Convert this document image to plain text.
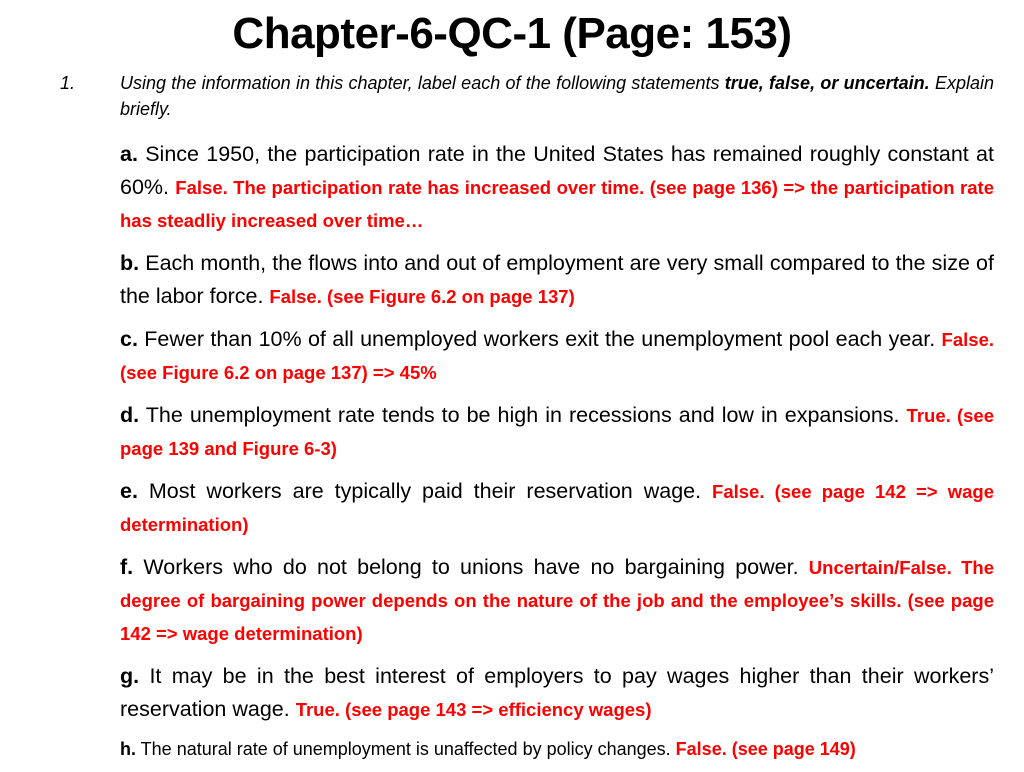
Chapter-6-QC-1 (Page: 153)
1.	Using the information in this chapter, label each of the following statements true, false, or uncertain. Explain briefly.
a. Since 1950, the participation rate in the United States has remained roughly constant at 60%. False. The participation rate has increased over time. (see page 136) => the participation rate has steadliy increased over time…
b. Each month, the flows into and out of employment are very small compared to the size of the labor force. False. (see Figure 6.2 on page 137)
c. Fewer than 10% of all unemployed workers exit the unemployment pool each year. False. (see Figure 6.2 on page 137) => 45%
d. The unemployment rate tends to be high in recessions and low in expansions. True. (see page 139 and Figure 6-3)
e. Most workers are typically paid their reservation wage. False. (see page 142 => wage determination)
f. Workers who do not belong to unions have no bargaining power. Uncertain/False. The degree of bargaining power depends on the nature of the job and the employee’s skills. (see page 142 => wage determination)
g. It may be in the best interest of employers to pay wages higher than their workers’ reservation wage. True. (see page 143 => efficiency wages)
h. The natural rate of unemployment is unaffected by policy changes. False. (see page 149)
